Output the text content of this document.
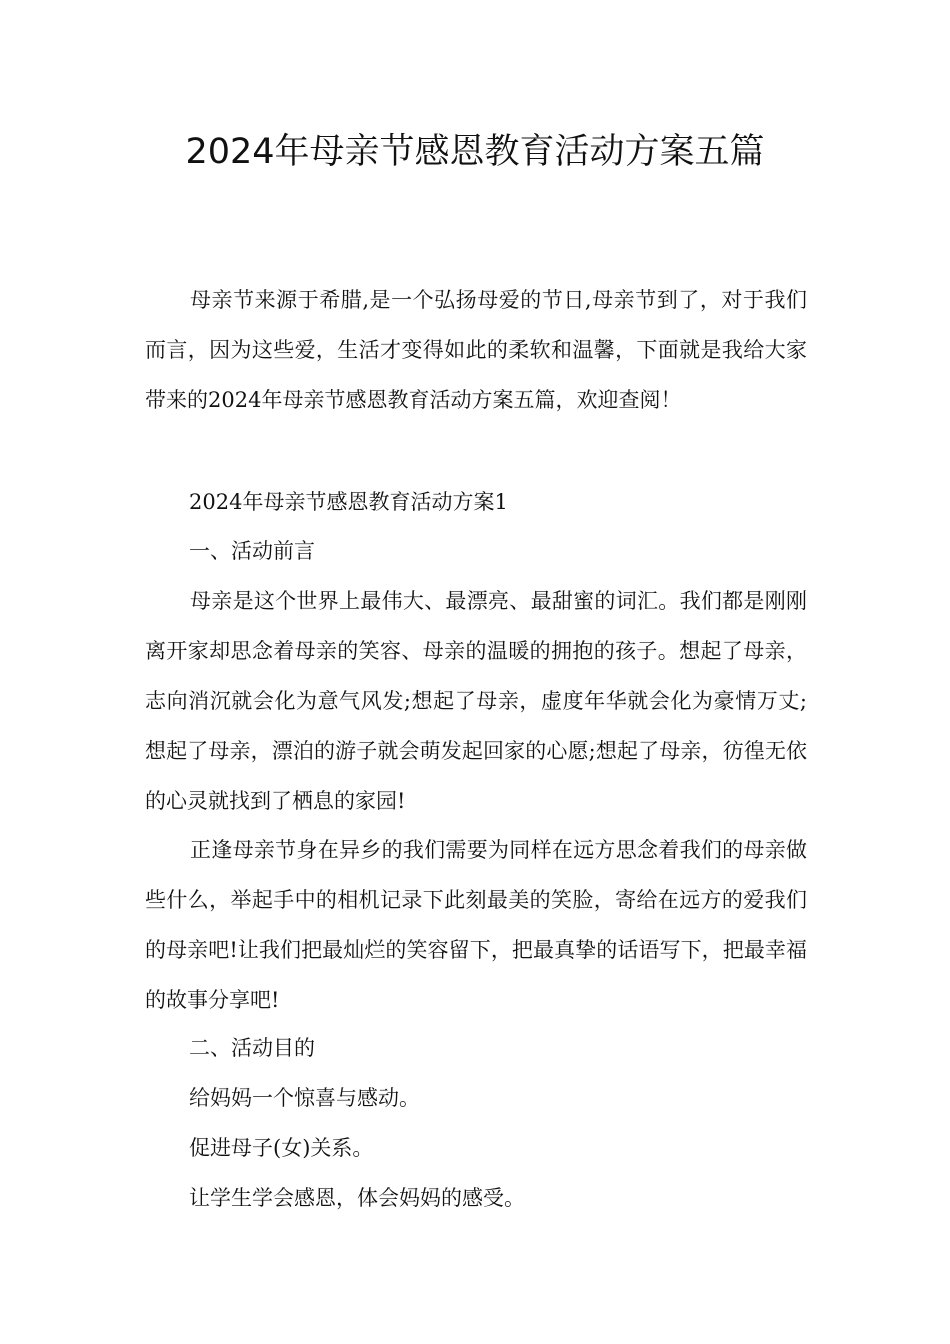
2024年母亲节感恩教育活动方案五篇

母亲节来源于希腊,是一个弘扬母爱的节日,母亲节到了，对于我们而言，因为这些爱，生活才变得如此的柔软和温馨，下面就是我给大家带来的2024年母亲节感恩教育活动方案五篇，欢迎查阅！

2024年母亲节感恩教育活动方案1

一、活动前言

母亲是这个世界上最伟大、最漂亮、最甜蜜的词汇。我们都是刚刚离开家却思念着母亲的笑容、母亲的温暖的拥抱的孩子。想起了母亲，志向消沉就会化为意气风发;想起了母亲，虚度年华就会化为豪情万丈;想起了母亲，漂泊的游子就会萌发起回家的心愿;想起了母亲，彷徨无依的心灵就找到了栖息的家园!

正逢母亲节身在异乡的我们需要为同样在远方思念着我们的母亲做些什么，举起手中的相机记录下此刻最美的笑脸，寄给在远方的爱我们的母亲吧!让我们把最灿烂的笑容留下，把最真挚的话语写下，把最幸福的故事分享吧!

二、活动目的

给妈妈一个惊喜与感动。

促进母子(女)关系。

让学生学会感恩，体会妈妈的感受。
